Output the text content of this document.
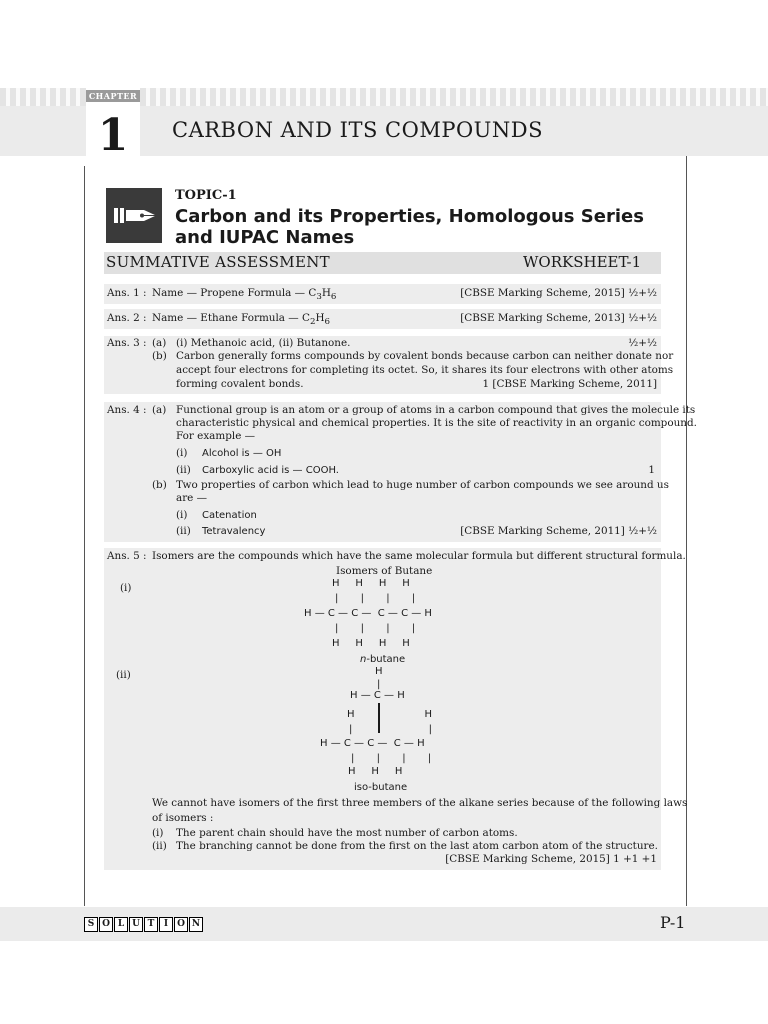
CHAPTER
1	CARBON AND ITS COMPOUNDS
TOPIC-1
Carbon and its Properties, Homologous Series
and IUPAC Names
SUMMATIVE ASSESSMENT	WORKSHEET-1
Ans. 1 : Name — Propene Formula — $C_3H_6$	[CBSE Marking Scheme, 2015] ½+½
Ans. 2 : Name — Ethane Formula — $C_2H_6$	[CBSE Marking Scheme, 2013] ½+½
Ans. 3 : (a) (i) Methanoic acid, (ii) Butanone.	½+½
(b) Carbon generally forms compounds by covalent bonds because carbon can neither donate nor
accept four electrons for completing its octet. So, it shares its four electrons with other atoms
forming covalent bonds.	1 [CBSE Marking Scheme, 2011]
Ans. 4 : (a) Functional group is an atom or a group of atoms in a carbon compound that gives the molecule its
characteristic physical and chemical properties. It is the site of reactivity in an organic compound.
For example —
(i) Alcohol is — OH
(ii) Carboxylic acid is — COOH.	1
(b) Two properties of carbon which lead to huge number of carbon compounds we see around us
are —
(i) Catenation
(ii) Tetravalency	[CBSE Marking Scheme, 2011] ½+½
Ans. 5 : Isomers are the compounds which have the same molecular formula but different structural formula.
Isomers of Butane
(i)	H     H     H     H
|       |       |       |
H — C — C —  C — C — H
|       |       |       |
H     H     H     H
n-butane
(ii)	H
|
H — C — H
H                      H
|                        |
H — C — C —  C — H
|       |       |       |
H     H     H
iso-butane
We cannot have isomers of the first three members of the alkane series because of the following laws
of isomers :
(i) The parent chain should have the most number of carbon atoms.
(ii) The branching cannot be done from the first on the last atom carbon atom of the structure.
[CBSE Marking Scheme, 2015] 1 +1 +1
S O L U T	I O N	P-1
